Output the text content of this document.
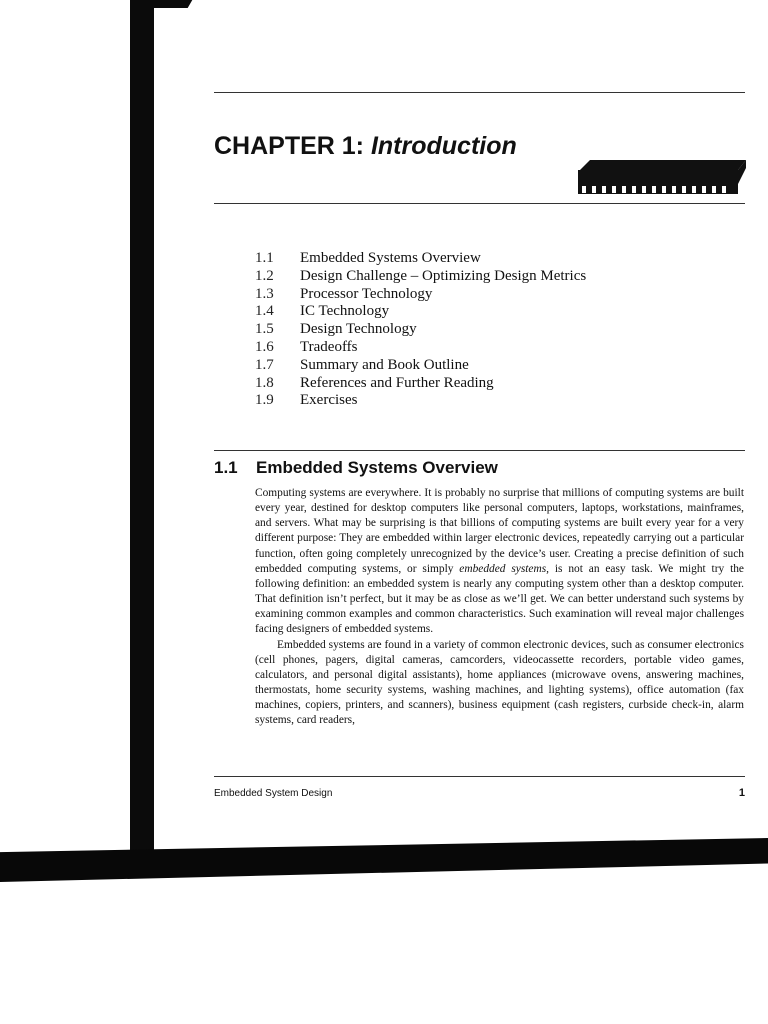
CHAPTER 1: Introduction
1.1 Embedded Systems Overview
1.2 Design Challenge – Optimizing Design Metrics
1.3 Processor Technology
1.4 IC Technology
1.5 Design Technology
1.6 Tradeoffs
1.7 Summary and Book Outline
1.8 References and Further Reading
1.9 Exercises
1.1 Embedded Systems Overview

Computing systems are everywhere. It is probably no surprise that millions of computing systems are built every year, destined for desktop computers like personal computers, laptops, workstations, mainframes, and servers. What may be surprising is that billions of computing systems are built every year for a very different purpose: They are embedded within larger electronic devices, repeatedly carrying out a particular function, often going completely unrecognized by the device’s user. Creating a precise definition of such embedded computing systems, or simply embedded systems, is not an easy task. We might try the following definition: an embedded system is nearly any computing system other than a desktop computer. That definition isn’t perfect, but it may be as close as we’ll get. We can better understand such systems by examining common examples and common characteristics. Such examination will reveal major challenges facing designers of embedded systems.

Embedded systems are found in a variety of common electronic devices, such as consumer electronics (cell phones, pagers, digital cameras, camcorders, videocassette recorders, portable video games, calculators, and personal digital assistants), home appliances (microwave ovens, answering machines, thermostats, home security systems, washing machines, and lighting systems), office automation (fax machines, copiers, printers, and scanners), business equipment (cash registers, curbside check-in, alarm systems, card readers,

Embedded System Design	1
